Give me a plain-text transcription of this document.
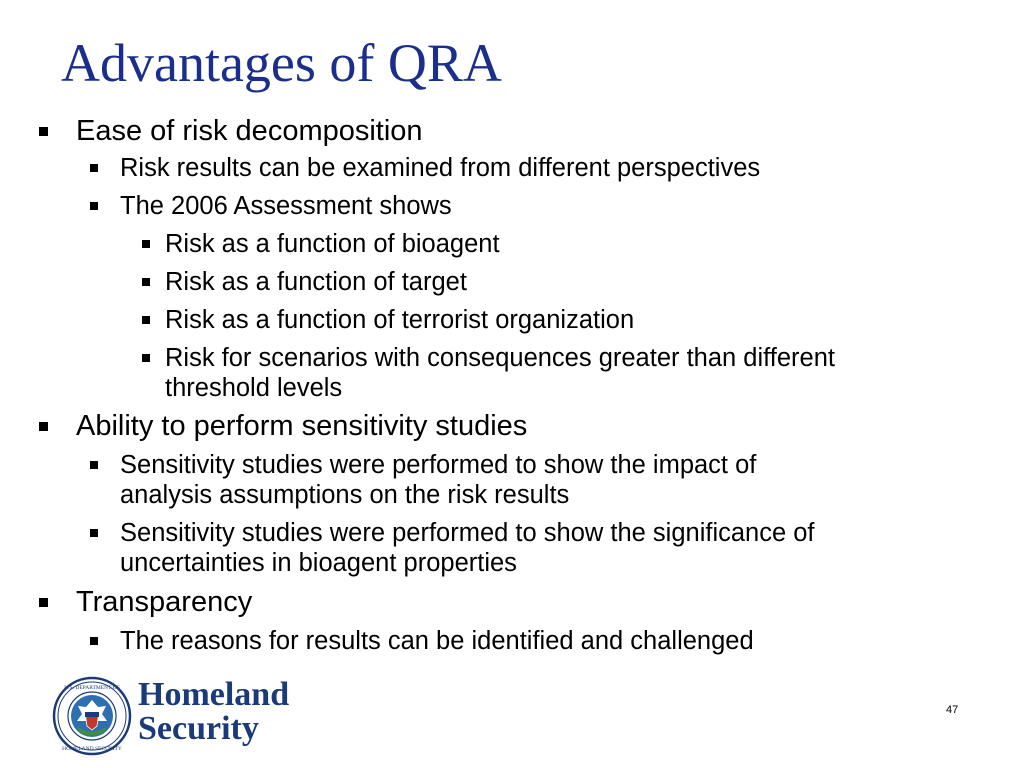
Advantages of QRA
Ease of risk decomposition
Risk results can be examined from different perspectives
The 2006 Assessment shows
Risk as a function of bioagent
Risk as a function of target
Risk as a function of terrorist organization
Risk for scenarios with consequences greater than different
threshold levels
Ability to perform sensitivity studies
Sensitivity studies were performed to show the impact of
analysis assumptions on the risk results
Sensitivity studies were performed to show the significance of
uncertainties in bioagent properties
Transparency
The reasons for results can be identified and challenged
U.S. DEPARTMENT OF
HOMELAND SECURITY
Homeland
Security	47
